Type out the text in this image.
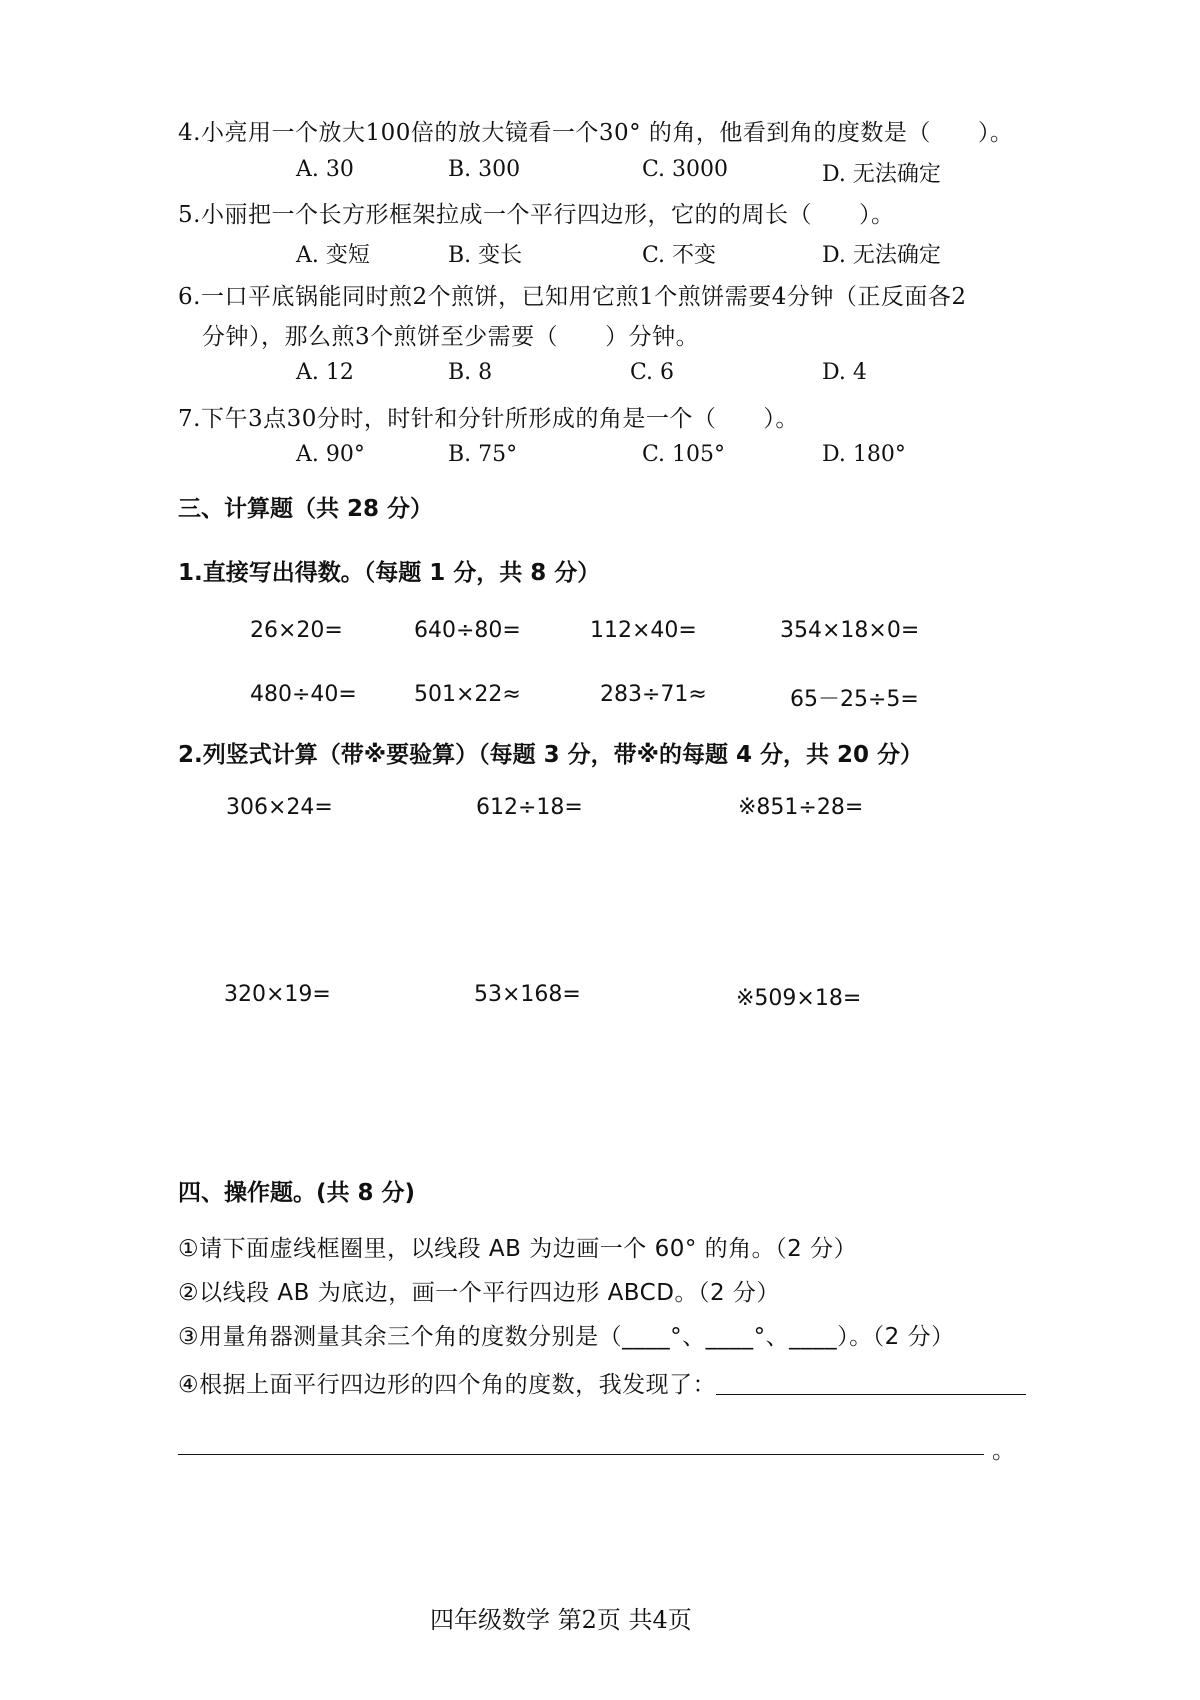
4.小亮用一个放大100倍的放大镜看一个30° 的角，他看到角的度数是（　　）。
A. 30	B. 300	C. 3000	D. 无法确定
5.小丽把一个长方形框架拉成一个平行四边形，它的的周长（　　）。
A. 变短	B. 变长	C. 不变	D. 无法确定
6.一口平底锅能同时煎2个煎饼，已知用它煎1个煎饼需要4分钟（正反面各2
分钟），那么煎3个煎饼至少需要（　　）分钟。
A. 12	B. 8	C. 6	D. 4
7.下午3点30分时，时针和分针所形成的角是一个（　　）。
A. 90°	B. 75°	C. 105°	D. 180°
三、计算题（共 28 分）
1.直接写出得数。（每题 1 分，共 8 分）
26×20=	640÷80=	112×40=	354×18×0=
480÷40=	501×22≈	283÷71≈	65－25÷5=
2.列竖式计算（带※要验算）（每题 3 分，带※的每题 4 分，共 20 分）
306×24=	612÷18=	※851÷28=
320×19=	53×168=	※509×18=
四、操作题。(共 8 分)
①请下面虚线框圈里，以线段 AB 为边画一个 60° 的角。（2 分）
②以线段 AB 为底边，画一个平行四边形 ABCD。（2 分）
③用量角器测量其余三个角的度数分别是（____°、____°、____）。（2 分）
④根据上面平行四边形的四个角的度数，我发现了：
。
四年级数学 第2页 共4页
